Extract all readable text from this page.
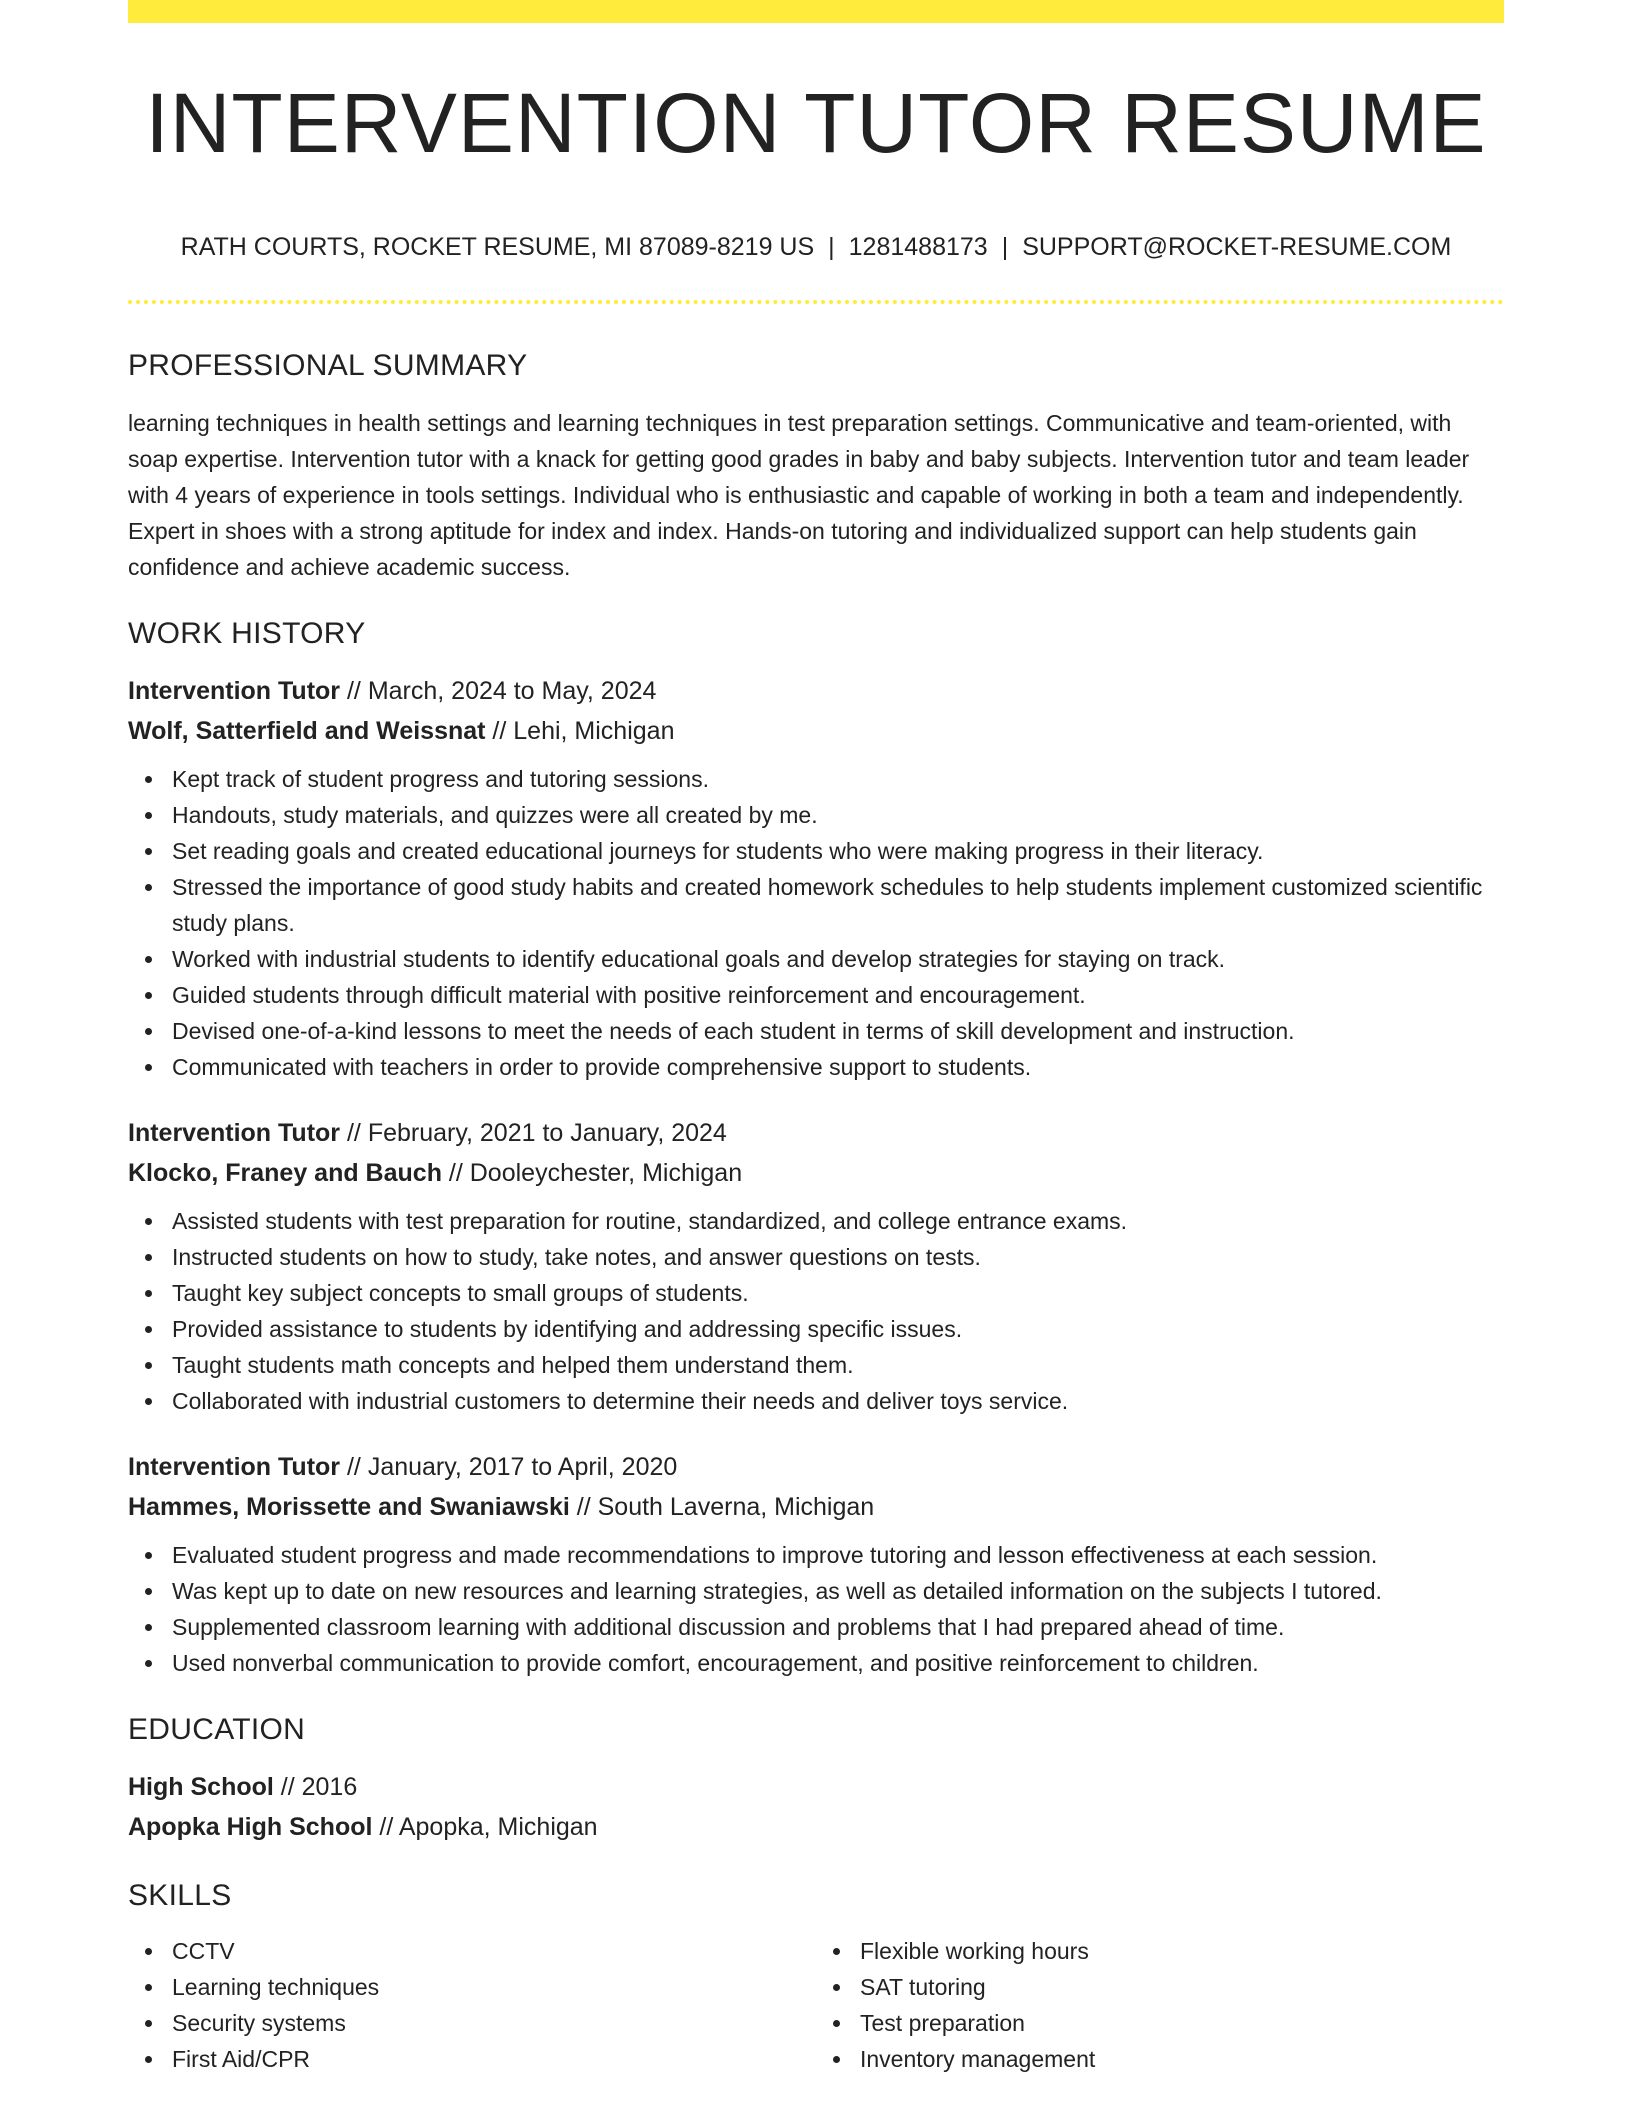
INTERVENTION TUTOR RESUME
RATH COURTS, ROCKET RESUME, MI 87089-8219 US | 1281488173 | SUPPORT@ROCKET-RESUME.COM
PROFESSIONAL SUMMARY
learning techniques in health settings and learning techniques in test preparation settings. Communicative and team-oriented, with soap expertise. Intervention tutor with a knack for getting good grades in baby and baby subjects. Intervention tutor and team leader with 4 years of experience in tools settings. Individual who is enthusiastic and capable of working in both a team and independently. Expert in shoes with a strong aptitude for index and index. Hands-on tutoring and individualized support can help students gain confidence and achieve academic success.
WORK HISTORY
Intervention Tutor // March, 2024 to May, 2024
Wolf, Satterfield and Weissnat // Lehi, Michigan
Kept track of student progress and tutoring sessions.
Handouts, study materials, and quizzes were all created by me.
Set reading goals and created educational journeys for students who were making progress in their literacy.
Stressed the importance of good study habits and created homework schedules to help students implement customized scientific study plans.
Worked with industrial students to identify educational goals and develop strategies for staying on track.
Guided students through difficult material with positive reinforcement and encouragement.
Devised one-of-a-kind lessons to meet the needs of each student in terms of skill development and instruction.
Communicated with teachers in order to provide comprehensive support to students.
Intervention Tutor // February, 2021 to January, 2024
Klocko, Franey and Bauch // Dooleychester, Michigan
Assisted students with test preparation for routine, standardized, and college entrance exams.
Instructed students on how to study, take notes, and answer questions on tests.
Taught key subject concepts to small groups of students.
Provided assistance to students by identifying and addressing specific issues.
Taught students math concepts and helped them understand them.
Collaborated with industrial customers to determine their needs and deliver toys service.
Intervention Tutor // January, 2017 to April, 2020
Hammes, Morissette and Swaniawski // South Laverna, Michigan
Evaluated student progress and made recommendations to improve tutoring and lesson effectiveness at each session.
Was kept up to date on new resources and learning strategies, as well as detailed information on the subjects I tutored.
Supplemented classroom learning with additional discussion and problems that I had prepared ahead of time.
Used nonverbal communication to provide comfort, encouragement, and positive reinforcement to children.
EDUCATION
High School // 2016
Apopka High School // Apopka, Michigan
SKILLS
CCTV
Learning techniques
Security systems
First Aid/CPR
Flexible working hours
SAT tutoring
Test preparation
Inventory management
